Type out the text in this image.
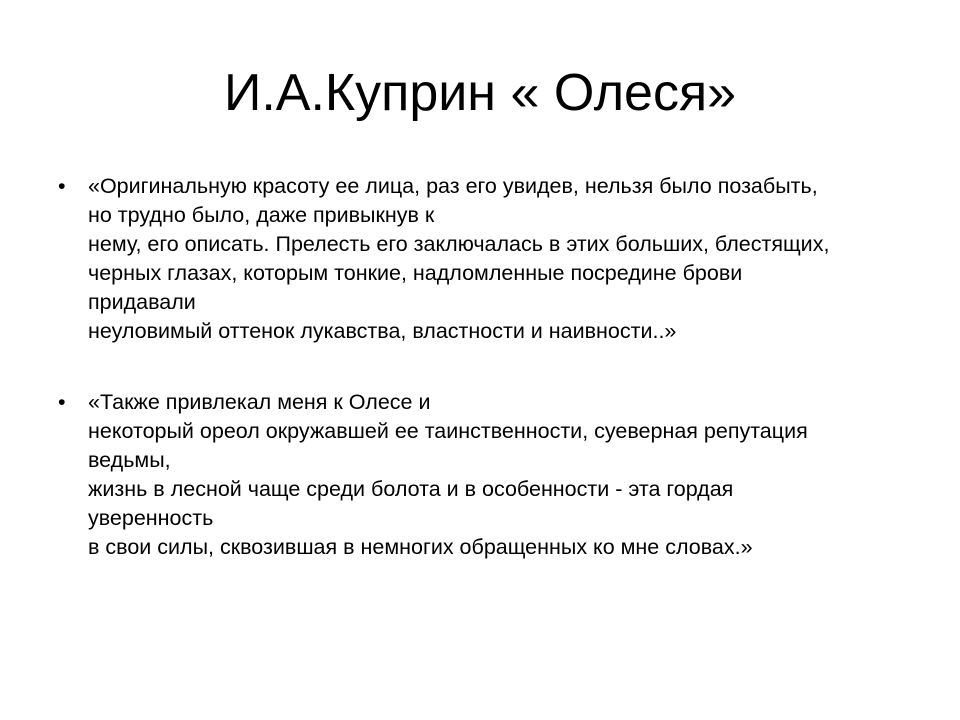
И.А.Куприн « Олеся»
• «Оригинальную красоту ее лица, раз его увидев, нельзя было позабыть,
но трудно было, даже привыкнув к
нему, его описать. Прелесть его заключалась в этих больших, блестящих,
черных глазах, которым тонкие, надломленные посредине брови
придавали
неуловимый оттенок лукавства, властности и наивности..»
• «Также привлекал меня к Олесе и
некоторый ореол окружавшей ее таинственности, суеверная репутация
ведьмы,
жизнь в лесной чаще среди болота и в особенности - эта гордая
уверенность
в свои силы, сквозившая в немногих обращенных ко мне словах.»
